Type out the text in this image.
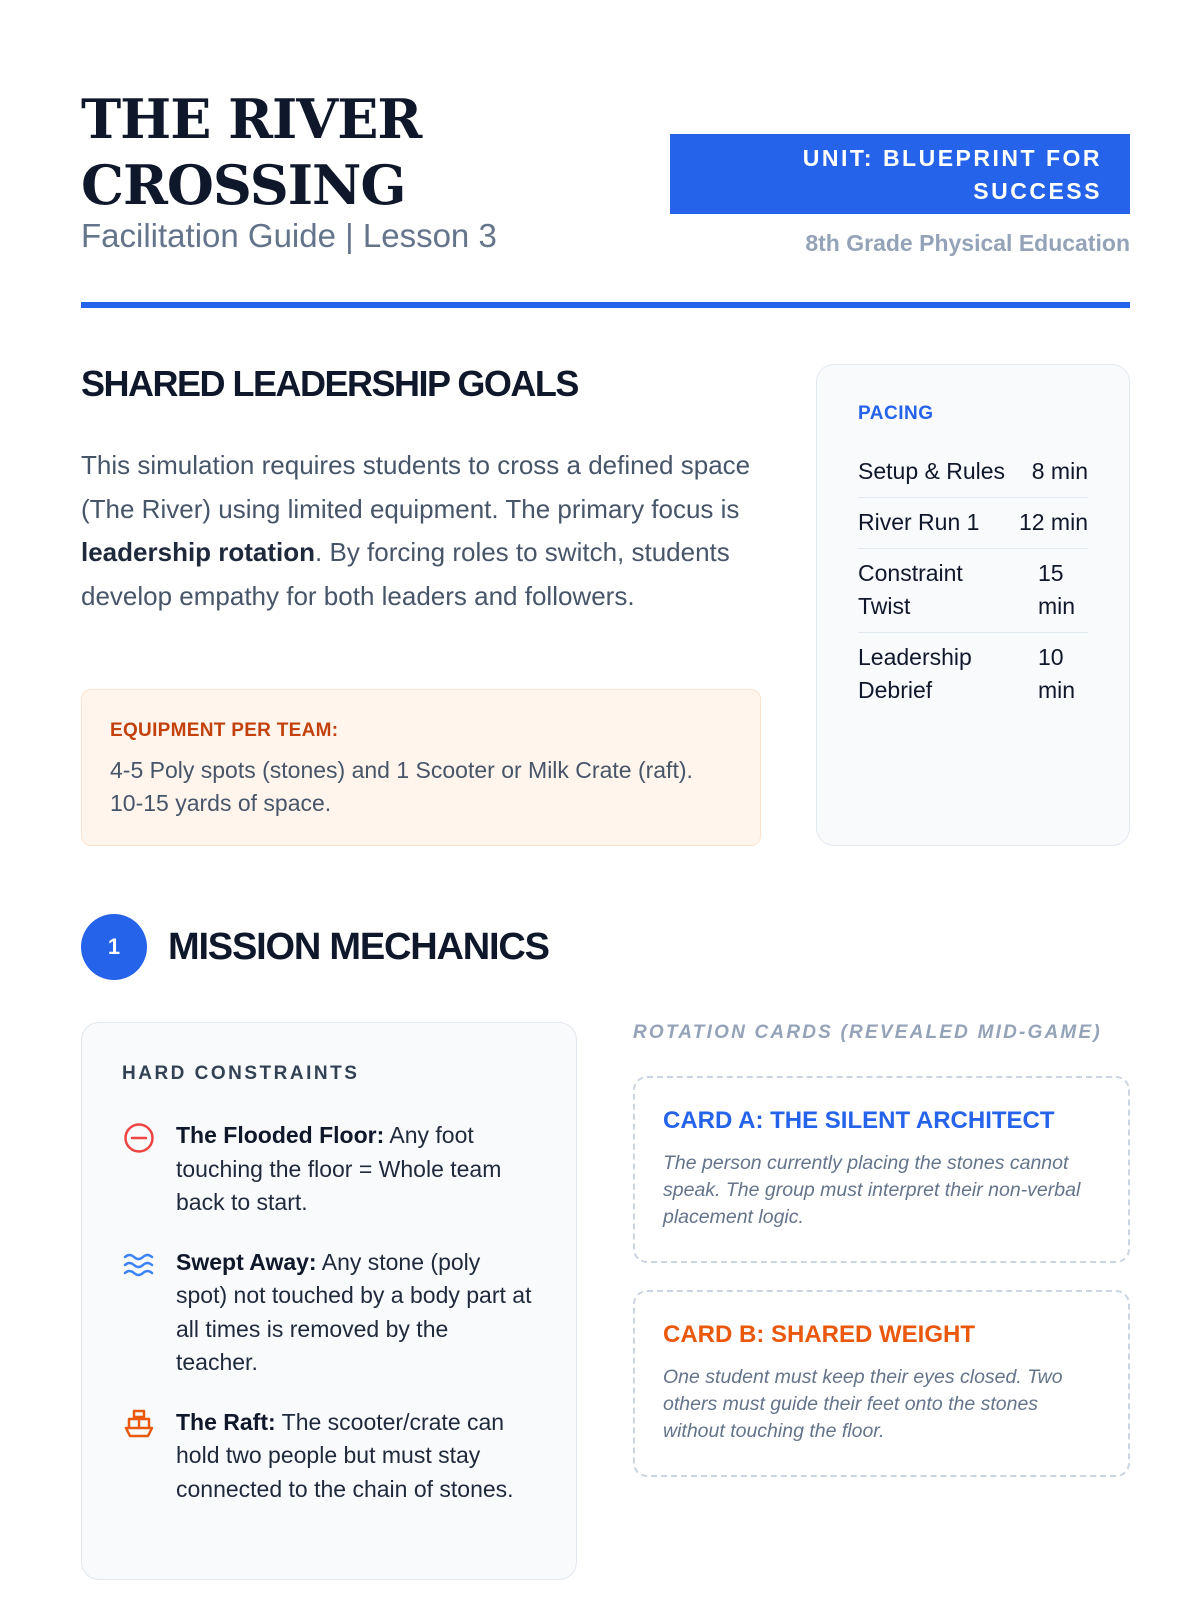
THE RIVER CROSSING
Facilitation Guide | Lesson 3
UNIT: BLUEPRINT FOR SUCCESS
8th Grade Physical Education
SHARED LEADERSHIP GOALS

This simulation requires students to cross a defined space (The River) using limited equipment. The primary focus is leadership rotation. By forcing roles to switch, students develop empathy for both leaders and followers.

EQUIPMENT PER TEAM:
4-5 Poly spots (stones) and 1 Scooter or Milk Crate (raft). 10-15 yards of space.
PACING
Setup & Rules 8 min
River Run 1 12 min
Constraint Twist
15 min
Leadership Debrief
10 min
1	MISSION MECHANICS
HARD CONSTRAINTS
The Flooded Floor: Any foot touching the floor = Whole team back to start.
Swept Away: Any stone (poly spot) not touched by a body part at all times is removed by the teacher.
The Raft: The scooter/crate can hold two people but must stay connected to the chain of stones.
ROTATION CARDS (REVEALED MID-GAME)
CARD A: THE SILENT ARCHITECT
The person currently placing the stones cannot speak. The group must interpret their non-verbal placement logic.
CARD B: SHARED WEIGHT
One student must keep their eyes closed. Two others must guide their feet onto the stones without touching the floor.
